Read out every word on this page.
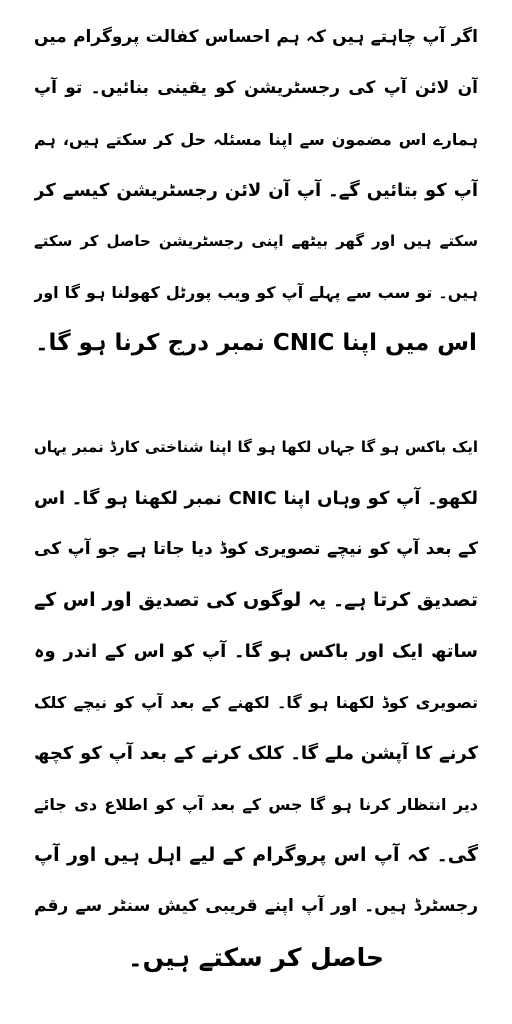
اگر آپ چاہتے ہیں کہ ہم احساس کفالت پروگرام میں
آن لائن آپ کی رجسٹریشن کو یقینی بنائیں۔ تو آپ
ہمارے اس مضمون سے اپنا مسئلہ حل کر سکتے ہیں، ہم
آپ کو بتائیں گے۔ آپ آن لائن رجسٹریشن کیسے کر
سکتے ہیں اور گھر بیٹھے اپنی رجسٹریشن حاصل کر سکتے
ہیں۔ تو سب سے پہلے آپ کو ویب پورٹل کھولنا ہو گا اور
اس میں اپنا CNIC نمبر درج کرنا ہو گا۔
ایک باکس ہو گا جہاں لکھا ہو گا اپنا شناختی کارڈ نمبر یہاں
لکھو۔ آپ کو وہاں اپنا CNIC نمبر لکھنا ہو گا۔ اس
کے بعد آپ کو نیچے تصویری کوڈ دیا جاتا ہے جو آپ کی
تصدیق کرتا ہے۔ یہ لوگوں کی تصدیق اور اس کے
ساتھ ایک اور باکس ہو گا۔ آپ کو اس کے اندر وہ
تصویری کوڈ لکھنا ہو گا۔ لکھنے کے بعد آپ کو نیچے کلک
کرنے کا آپشن ملے گا۔ کلک کرنے کے بعد آپ کو کچھ
دیر انتظار کرنا ہو گا جس کے بعد آپ کو اطلاع دی جائے
گی۔ کہ آپ اس پروگرام کے لیے اہل ہیں اور آپ
رجسٹرڈ ہیں۔ اور آپ اپنے قریبی کیش سنٹر سے رقم
حاصل کر سکتے ہیں۔
